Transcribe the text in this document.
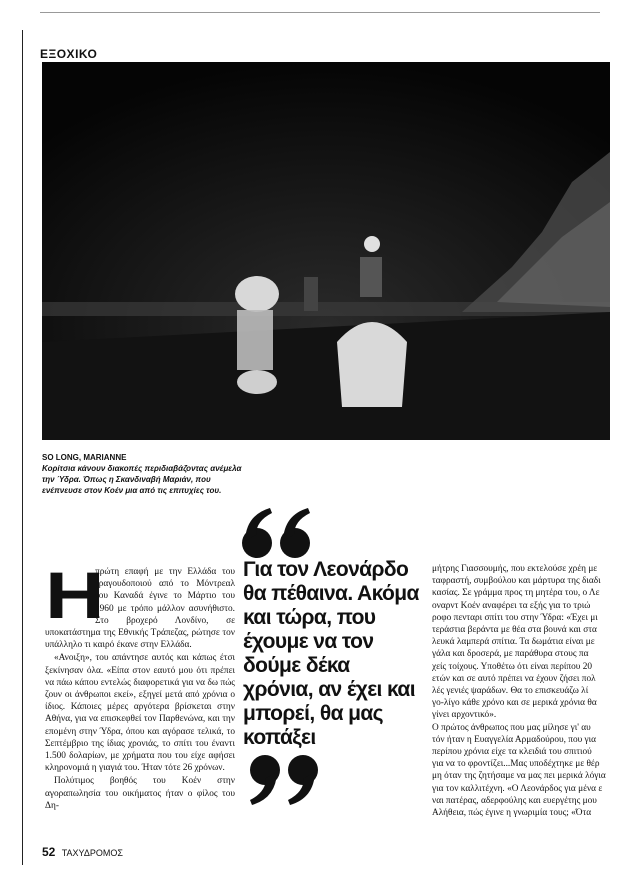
ΕΞΟΧΙΚΟ
SO LONG, MARIANNE
Κορίτσια κάνουν διακοπές περιδιαβάζοντας ανέμελα την Ύδρα. Όπως η Σκανδιναβή Μαριάν, που ενέπνευσε στον Κοέν μια από τις επιτυχίες του.
Η

πρώτη επαφή με την Ελλάδα του τραγουδοποιού από το Μόντρεαλ του Καναδά έγινε το Μάρτιο του 1960 με τρόπο μάλλον ασυνήθιστο. Στο βροχερό Λονδίνο, σε υποκατάστημα της Εθνικής Τράπεζας, ρώτησε τον υπάλληλο τι καιρό έκανε στην Ελλάδα.

«Ανοιξη», του απάντησε αυτός και κάπως έτσι ξεκίνησαν όλα. «Είπα στον εαυτό μου ότι πρέπει να πάω κάπου εντελώς διαφορετικά για να δω πώς ζουν οι άνθρωποι εκεί», εξηγεί μετά από χρόνια ο ίδιος. Κάποιες μέρες αργότερα βρίσκεται στην Αθήνα, για να επισκεφθεί τον Παρθενώνα, και την επομένη στην Ύδρα, όπου και αγόρασε τελικά, το Σεπτέμβριο της ίδιας χρονιάς, το σπίτι του έναντι 1.500 δολαρίων, με χρήματα που του είχε αφήσει κληρονομιά η γιαγιά του. Ήταν τότε 26 χρόνων.

Πολύτιμος βοηθός του Κοέν στην αγοραπωλησία του οικήματος ήταν ο φίλος του Δη-

Για τον Λεονάρδο θα πέθαινα. Ακόμα και τώρα, που έχουμε να τον δούμε δέκα χρόνια, αν έχει και μπορεί, θα μας κοπάξει

μήτρης Γιασσουμής, που εκτελούσε χρέη με
ταφραστή, συμβούλου και μάρτυρα της διαδι
κασίας. Σε γράμμα προς τη μητέρα του, ο Λε
οναρντ Κοέν αναφέρει τα εξής για το τριώ
ροφο πενταρι σπίτι του στην Ύδρα: «Έχει μι
τεράστια βεράντα με θέα στα βουνά και στα
λευκά λαμπερά σπίτια. Τα δωμάτια είναι με
γάλα και δροσερά, με παράθυρα στους πα
χείς τοίχους. Υποθέτω ότι είναι περίπου 20
ετών και σε αυτό πρέπει να έχουν ζήσει πολ
λές γενιές ψαράδων. Θα το επισκευάζω λί
γο-λίγο κάθε χρόνο και σε μερικά χρόνια θα
γίνει αρχοντικό».
Ο πρώτος άνθρωπος που μας μίλησε γι' αυ
τόν ήταν η Ευαγγελία Αρμαδούρου, που για
περίπου χρόνια είχε τα κλειδιά του σπιτιού
για να το φροντίζει...Μας υποδέχτηκε με θέρ
μη όταν της ζητήσαμε να μας πει μερικά λόγια
για τον καλλιτέχνη. «Ο Λεονάρδος για μένα ε
ναι πατέρας, αδερφούλης και ευεργέτης μου
Αλήθεια, πώς έγινε η γνωριμία τους; «Ότα

52 ΤΑΧΥΔΡΟΜΟΣ
